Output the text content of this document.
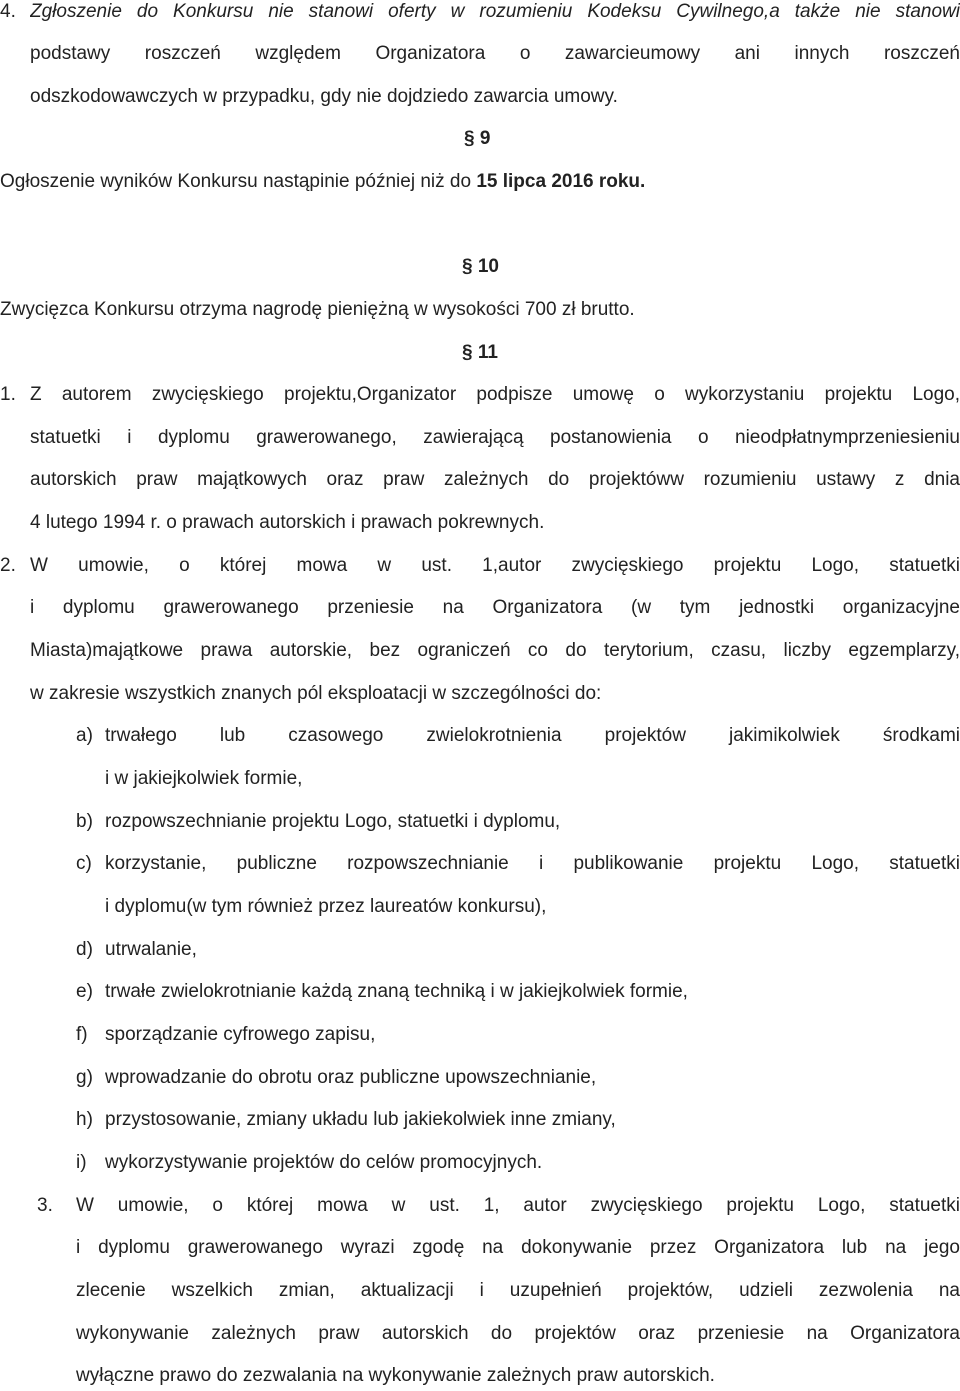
4. Zgłoszenie do Konkursu nie stanowi oferty w rozumieniu Kodeksu Cywilnego,a także nie stanowi
podstawy roszczeń względem Organizatora o zawarcieumowy ani innych roszczeń
odszkodowawczych w przypadku, gdy nie dojdziedo zawarcia umowy.
§ 9
Ogłoszenie wyników Konkursu nastąpinie później niż do 15 lipca 2016 roku.
§ 10
Zwycięzca Konkursu otrzyma nagrodę pieniężną w wysokości 700 zł brutto.
§ 11
1. Z autorem zwycięskiego projektu,Organizator podpisze umowę o wykorzystaniu projektu Logo,
statuetki i dyplomu grawerowanego, zawierającą postanowienia o nieodpłatnymprzeniesieniu
autorskich praw majątkowych oraz praw zależnych do projektóww rozumieniu ustawy z dnia
4 lutego 1994 r. o prawach autorskich i prawach pokrewnych.
2. W umowie, o której mowa w ust. 1,autor zwycięskiego projektu Logo, statuetki
i dyplomu grawerowanego przeniesie na Organizatora (w tym jednostki organizacyjne
Miasta)majątkowe prawa autorskie, bez ograniczeń co do terytorium, czasu, liczby egzemplarzy,
w zakresie wszystkich znanych pól eksploatacji w szczególności do:
a) trwałego lub czasowego zwielokrotnienia projektów jakimikolwiek środkami
i w jakiejkolwiek formie,
b) rozpowszechnianie projektu Logo, statuetki i dyplomu,
c) korzystanie, publiczne rozpowszechnianie i publikowanie projektu Logo, statuetki
i dyplomu(w tym również przez laureatów konkursu),
d) utrwalanie,
e) trwałe zwielokrotnianie każdą znaną techniką i w jakiejkolwiek formie,
f) sporządzanie cyfrowego zapisu,
g) wprowadzanie do obrotu oraz publiczne upowszechnianie,
h) przystosowanie, zmiany układu lub jakiekolwiek inne zmiany,
i) wykorzystywanie projektów do celów promocyjnych.
3. W umowie, o której mowa w ust. 1, autor zwycięskiego projektu Logo, statuetki
i dyplomu grawerowanego wyrazi zgodę na dokonywanie przez Organizatora lub na jego
zlecenie wszelkich zmian, aktualizacji i uzupełnień projektów, udzieli zezwolenia na
wykonywanie zależnych praw autorskich do projektów oraz przeniesie na Organizatora
wyłączne prawo do zezwalania na wykonywanie zależnych praw autorskich.
